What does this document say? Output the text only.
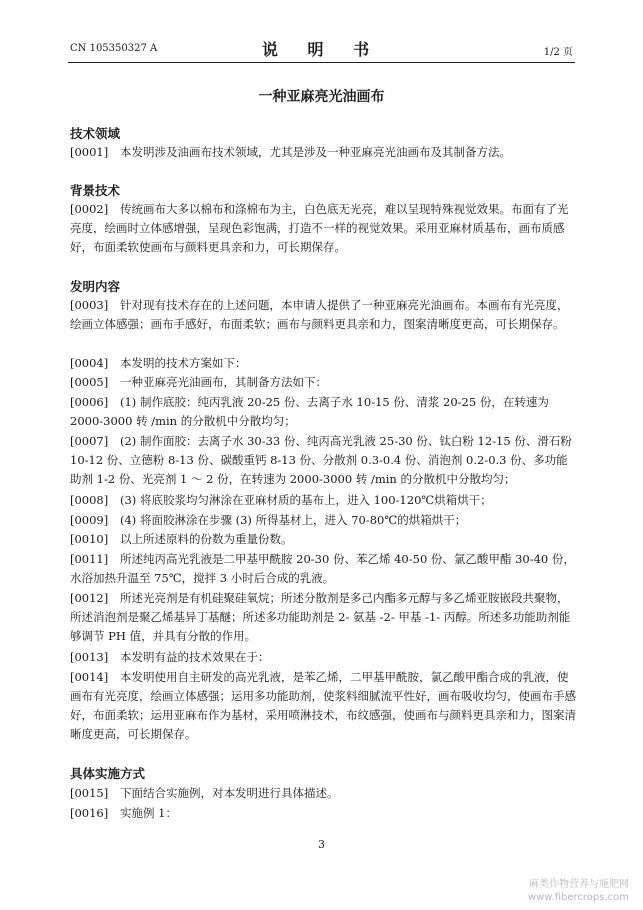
CN 105350327 A	说 明 书	1/2 页
一种亚麻亮光油画布
技术领域
[0001] 本发明涉及油画布技术领域，尤其是涉及一种亚麻亮光油画布及其制备方法。
背景技术
[0002] 传统画布大多以棉布和涤棉布为主，白色底无光亮，难以呈现特殊视觉效果。布面有了光亮度，绘画时立体感增强，呈现色彩饱满，打造不一样的视觉效果。采用亚麻材质基布，画布质感好，布面柔软使画布与颜料更具亲和力，可长期保存。
发明内容
[0003] 针对现有技术存在的上述问题，本申请人提供了一种亚麻亮光油画布。本画布有光亮度，绘画立体感强；画布手感好，布面柔软；画布与颜料更具亲和力，图案清晰度更高，可长期保存。
[0004] 本发明的技术方案如下：
[0005] 一种亚麻亮光油画布，其制备方法如下：
[0006] (1) 制作底胶：纯丙乳液 20-25 份、去离子水 10-15 份、清浆 20-25 份，在转速为 2000-3000 转 /min 的分散机中分散均匀；
[0007] (2) 制作面胶：去离子水 30-33 份、纯丙高光乳液 25-30 份、钛白粉 12-15 份、滑石粉 10-12 份、立德粉 8-13 份、碳酸重钙 8-13 份、分散剂 0.3-0.4 份、消泡剂 0.2-0.3 份、多功能助剂 1-2 份、光亮剂 1 ～ 2 份，在转速为 2000-3000 转 /min 的分散机中分散均匀；
[0008] (3) 将底胶浆均匀淋涂在亚麻材质的基布上，进入 100-120℃烘箱烘干；
[0009] (4) 将面胶淋涂在步骤 (3) 所得基材上，进入 70-80℃的烘箱烘干；
[0010] 以上所述原料的份数为重量份数。
[0011] 所述纯丙高光乳液是二甲基甲酰胺 20-30 份、苯乙烯 40-50 份、氯乙酸甲酯 30-40 份，水浴加热升温至 75℃，搅拌 3 小时后合成的乳液。
[0012] 所述光亮剂是有机硅聚硅氧烷；所述分散剂是多己内酯多元醇与多乙烯亚胺嵌段共聚物，所述消泡剂是聚乙烯基异丁基醚；所述多功能助剂是 2- 氨基 -2- 甲基 -1- 丙醇。所述多功能助剂能够调节 PH 值，并具有分散的作用。
[0013] 本发明有益的技术效果在于：
[0014] 本发明使用自主研发的高光乳液，是苯乙烯，二甲基甲酰胺，氯乙酸甲酯合成的乳液，使画布有光亮度，绘画立体感强；运用多功能助剂，使浆料细腻流平性好，画布吸收均匀，使画布手感好，布面柔软；运用亚麻布作为基材，采用喷淋技术，布纹感强，使画布与颜料更具亲和力，图案清晰度更高，可长期保存。
具体实施方式
[0015] 下面结合实施例，对本发明进行具体描述。
[0016] 实施例 1：
3
麻类作物营养与施肥网
www.fibercrops.com
